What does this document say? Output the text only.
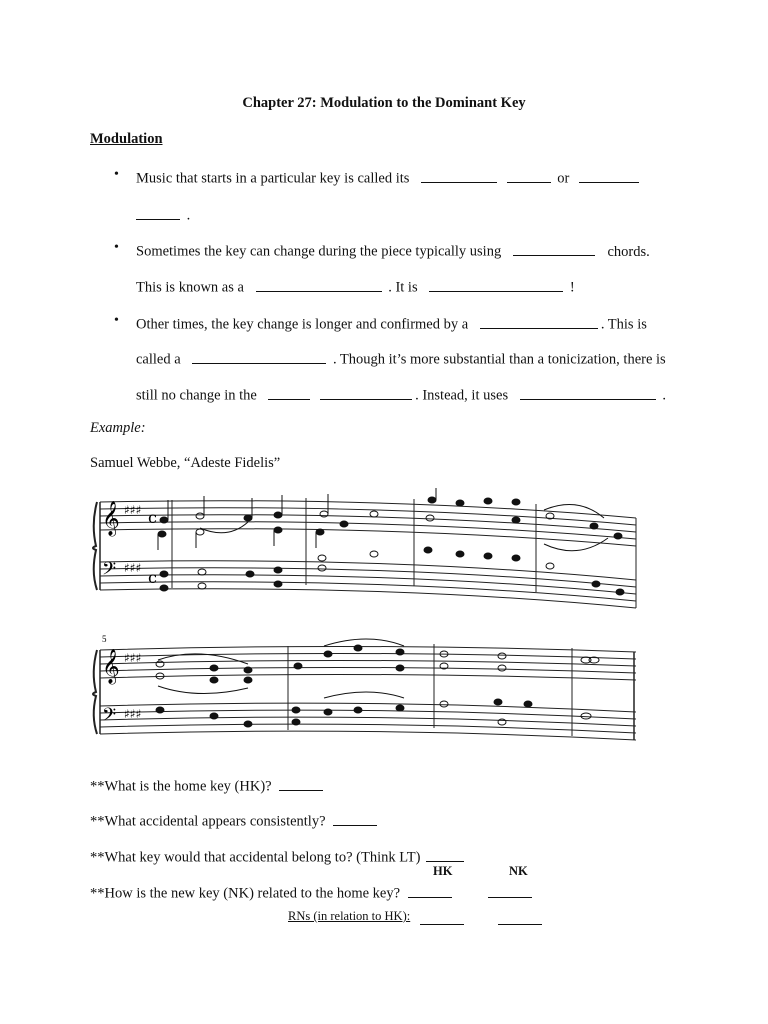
Chapter 27: Modulation to the Dominant Key
Modulation
• Music that starts in a particular key is called its	or
.
• Sometimes the key can change during the piece typically using	chords.
This is known as a	. It is	!
• Other times, the key change is longer and confirmed by a	. This is
called a	. Though it’s more substantial than a tonicization, there is
still no change in the	. Instead, it uses	.
Example:
Samuel Webbe, “Adeste Fidelis”
𝄞
𝄢
♯♯♯
♯♯♯
c
c
5
𝄞
𝄢
♯♯♯
♯♯♯
**What is the home key (HK)?
**What accidental appears consistently?
**What key would that accidental belong to? (Think LT)
HK	NK
**How is the new key (NK) related to the home key?
RNs (in relation to HK):
